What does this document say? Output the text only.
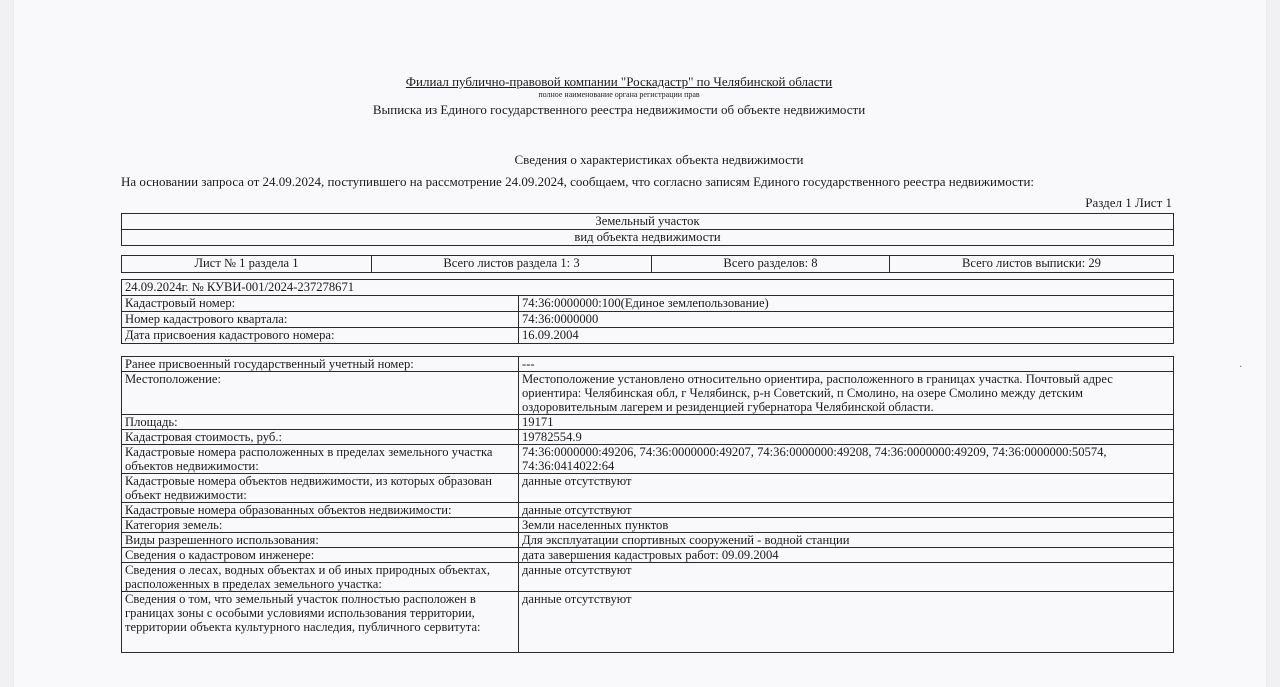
Филиал публично-правовой компании "Роскадастр" по Челябинской области
полное наименование органа регистрации прав
Выписка из Единого государственного реестра недвижимости об объекте недвижимости
Сведения о характеристиках объекта недвижимости
На основании запроса от 24.09.2024, поступившего на рассмотрение 24.09.2024, сообщаем, что согласно записям Единого государственного реестра недвижимости:
Раздел 1 Лист 1
Земельный участок
вид объекта недвижимости
Лист № 1 раздела 1	Всего листов раздела 1: 3	Всего разделов: 8	Всего листов выписки: 29
24.09.2024г. № КУВИ-001/2024-237278671	
Кадастровый номер:	74:36:0000000:100(Единое землепользование)
Номер кадастрового квартала:	74:36:0000000
Дата присвоения кадастрового номера:	16.09.2004
Ранее присвоенный государственный учетный номер:	---
Местоположение:	Местоположение установлено относительно ориентира, расположенного в границах участка. Почтовый адрес ориентира: Челябинская обл, г Челябинск, р-н Советский, п Смолино, на озере Смолино между детским оздоровительным лагерем и резиденцией губернатора Челябинской области.
Площадь:	19171
Кадастровая стоимость, руб.:	19782554.9
Кадастровые номера расположенных в пределах земельного участка объектов недвижимости:	74:36:0000000:49206, 74:36:0000000:49207, 74:36:0000000:49208, 74:36:0000000:49209, 74:36:0000000:50574, 74:36:0414022:64
Кадастровые номера объектов недвижимости, из которых образован объект недвижимости:	данные отсутствуют
Кадастровые номера образованных объектов недвижимости:	данные отсутствуют
Категория земель:	Земли населенных пунктов
Виды разрешенного использования:	Для эксплуатации спортивных сооружений - водной станции
Сведения о кадастровом инженере:	дата завершения кадастровых работ: 09.09.2004
Сведения о лесах, водных объектах и об иных природных объектах, расположенных в пределах земельного участка:	данные отсутствуют
Сведения о том, что земельный участок полностью расположен в границах зоны с особыми условиями использования территории, территории объекта культурного наследия, публичного сервитута:	данные отсутствуют
·
